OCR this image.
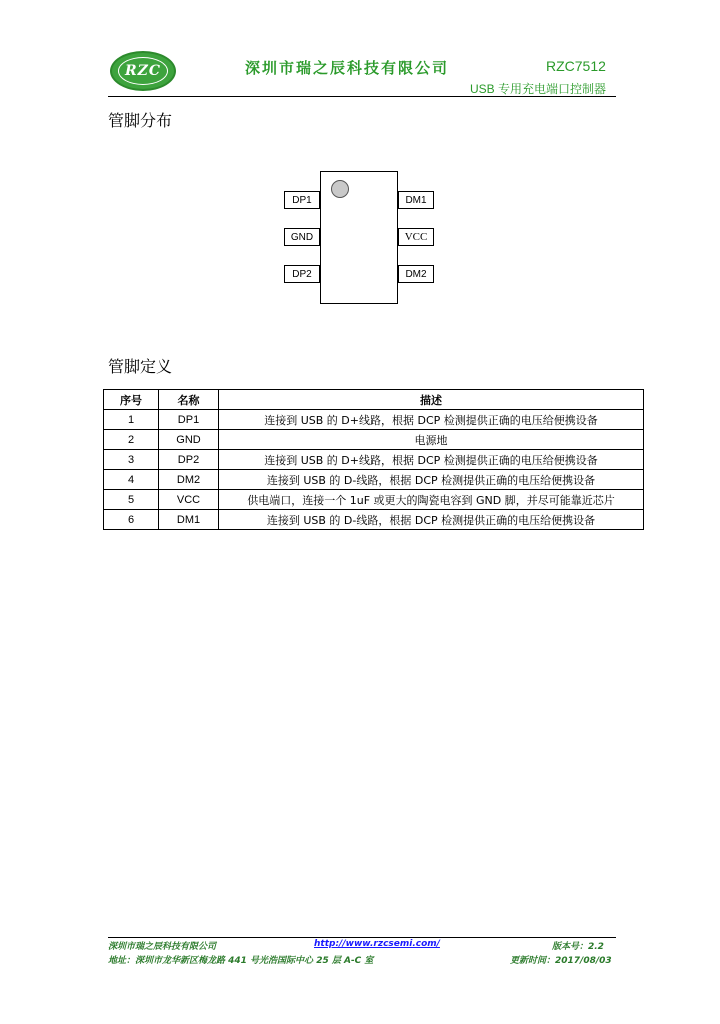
RZC	深圳市瑞之辰科技有限公司	RZC7512
USB 专用充电端口控制器
管脚分布
DP1
GND
DP2
DM1
VCC
DM2
管脚定义
序号	名称	描述
1	DP1	连接到 USB 的 D+线路，根据 DCP 检测提供正确的电压给便携设备
2	GND	电源地
3	DP2	连接到 USB 的 D+线路，根据 DCP 检测提供正确的电压给便携设备
4	DM2	连接到 USB 的 D-线路，根据 DCP 检测提供正确的电压给便携设备
5	VCC	供电端口，连接一个 1uF 或更大的陶瓷电容到 GND 脚，并尽可能靠近芯片
6	DM1	连接到 USB 的 D-线路，根据 DCP 检测提供正确的电压给便携设备
深圳市瑞之辰科技有限公司	http://www.rzcsemi.com/	版本号：2.2
地址：深圳市龙华新区梅龙路 441 号光浩国际中心 25 层 A-C 室	更新时间：2017/08/03
